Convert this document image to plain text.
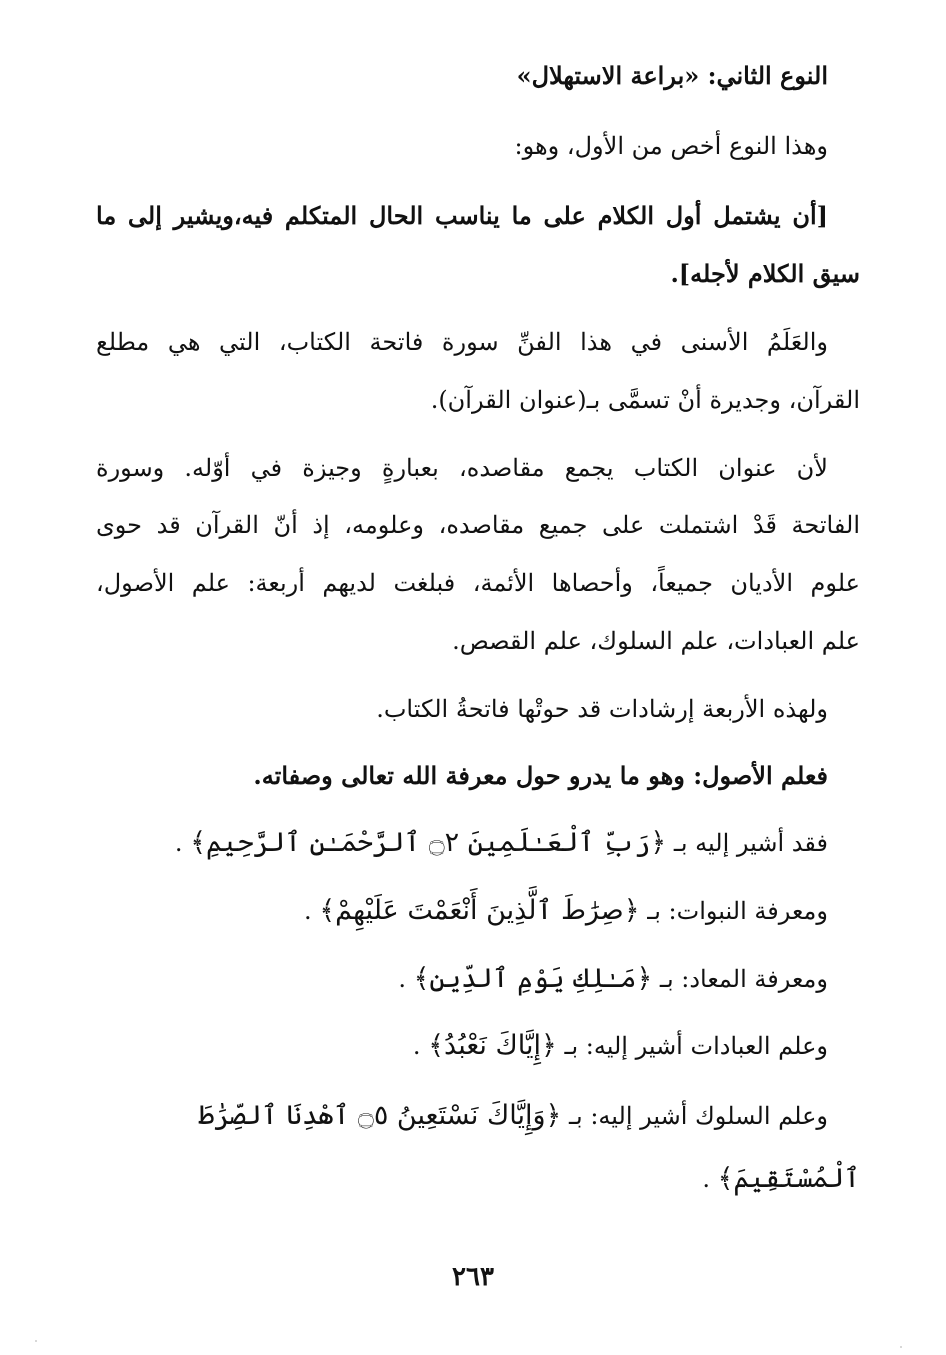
النوع الثاني: «براعة الاستهلال»
وهذا النوع أخص من الأول، وهو:
[أن يشتمل أول الكلام على ما يناسب الحال المتكلم فيه،ويشير إلى ما
سيق الكلام لأجله].
والعَلَمُ الأسنى في هذا الفنِّ سورة فاتحة الكتاب، التي هي مطلع
القرآن، وجديرة أنْ تسمَّى بـ(عنوان القرآن).
لأن عنوان الكتاب يجمع مقاصده، بعبارةٍ وجيزة في أوّله. وسورة
الفاتحة قَدْ اشتملت على جميع مقاصده، وعلومه، إذ أنّ القرآن قد حوى
علوم الأديان جميعاً، وأحصاها الأئمة، فبلغت لديهم أربعة: علم الأصول،
علم العبادات، علم السلوك، علم القصص.
ولهذه الأربعة إرشادات قد حوتْها فاتحةُ الكتاب.
فعلم الأصول: وهو ما يدرو حول معرفة الله تعالى وصفاته.
فقد أشير إليه بـ ﴿رَبِّ ٱلْعَـٰلَمِينَ ۝٢ ٱلرَّحْمَـٰنِ ٱلرَّحِيمِ﴾ .
ومعرفة النبوات: بـ ﴿صِرَٰطَ ٱلَّذِينَ أَنْعَمْتَ عَلَيْهِمْ﴾ .
ومعرفة المعاد: بـ ﴿مَـٰلِكِ يَوْمِ ٱلدِّينِ﴾ .
وعلم العبادات أشير إليه: بـ ﴿إِيَّاكَ نَعْبُدُ﴾ .
وعلم السلوك أشير إليه: بـ ﴿وَإِيَّاكَ نَسْتَعِينُ ۝٥ ٱهْدِنَا ٱلصِّرَٰطَ
ٱلْمُسْتَقِيمَ﴾ .
٢٦٣
